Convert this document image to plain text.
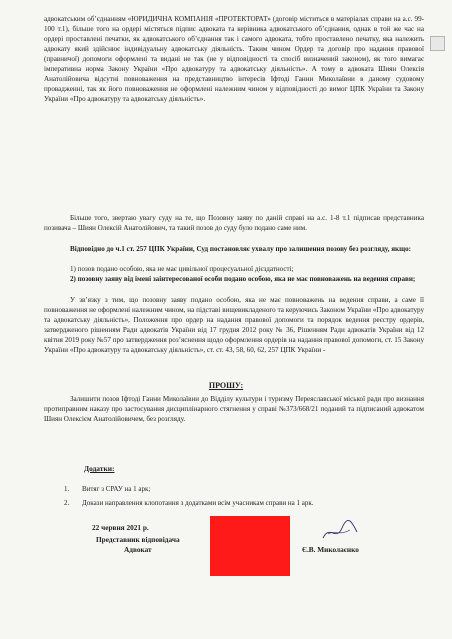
адвокатським об’єднанням «ЮРИДИЧНА КОМПАНІЯ «ПРОТЕКТОРАТ» (договір міститься в матеріалах справи на а.с. 99-100 т.1), більше того на ордері містяться підпис адвоката та керівника адвокатського об’єднання, однак в той же час на ордері проставлені печатки, як адвокатського об’єднання так і самого адвоката, тобто проставлено печатку, яка належить адвокату який здійснює індивідуальну адвокатську діяльність. Таким чином Ордер та договір про надання правової (правничої) допомоги оформлені та видані не так (не у відповідності та спосіб визначений законом), як того вимагає імперативна норма Закону України «Про адвокатуру та адвокатську діяльність». А тому в адвоката Шиян Олексія Анатолійовича відсутні повноваження на представництво інтересів Іфтоді Ганни Миколаївни в даному судовому провадженні, так як його повноваження не оформлені належним чином у відповідності до вимог ЦПК України та Закону України «Про адвокатуру та адвокатську діяльність».

Більше того, звертаю увагу суду на те, що Позовну заяву по даній справі на а.с. 1-8 т.1 підписав представника позивача – Шиян Олексій Анатолійович, та такий позов до суду було подано саме ним.

Відповідно до ч.1 ст. 257 ЦПК України, Суд постановляє ухвалу про залишення позову без розгляду, якщо:

1) позов подано особою, яка не має цивільної процесуальної дієздатності;

2) позовну заяву від імені заінтересованої особи подано особою, яка не має повноважень на ведення справи;

У зв’язку з тим, що позовну заяву подано особою, яка не має повноважень на ведення справи, а саме її повноваження не оформлені належним чином, на підставі вищевикладеного та керуючись Законом України «Про адвокатуру та адвокатську діяльність», Положення про ордер на надання правової допомоги та порядок ведення реєстру ордерів, затвердженого рішенням Ради адвокатів України від 17 грудня 2012 року № 36, Рішенням Ради адвокатів України від 12 квітня 2019 року №57 про затвердження роз’яснення щодо оформлення ордерів на надання правової допомоги, ст. 15 Закону України «Про адвокатуру та адвокатську діяльність», ст. ст. 43, 58, 60, 62, 257 ЦПК України -

ПРОШУ:

Залишити позов Іфтоді Ганни Миколаївни до Відділу культури і туризму Переяславської міської ради про визнання протиправним наказу про застосування дисциплінарного стягнення у справі №373/668/21 поданий та підписаний адвокатом Шиян Олексієм Анатолійовичем, без розгляду.

Додатки:
1.	Витяг з СРАУ на 1 арк;
2.	Докази направлення клопотання з додатками всім учасникам справи на 1 арк.
22 червня 2021 р.
Представник відповідача
Адвокат	Є.В. Миколаєнко
